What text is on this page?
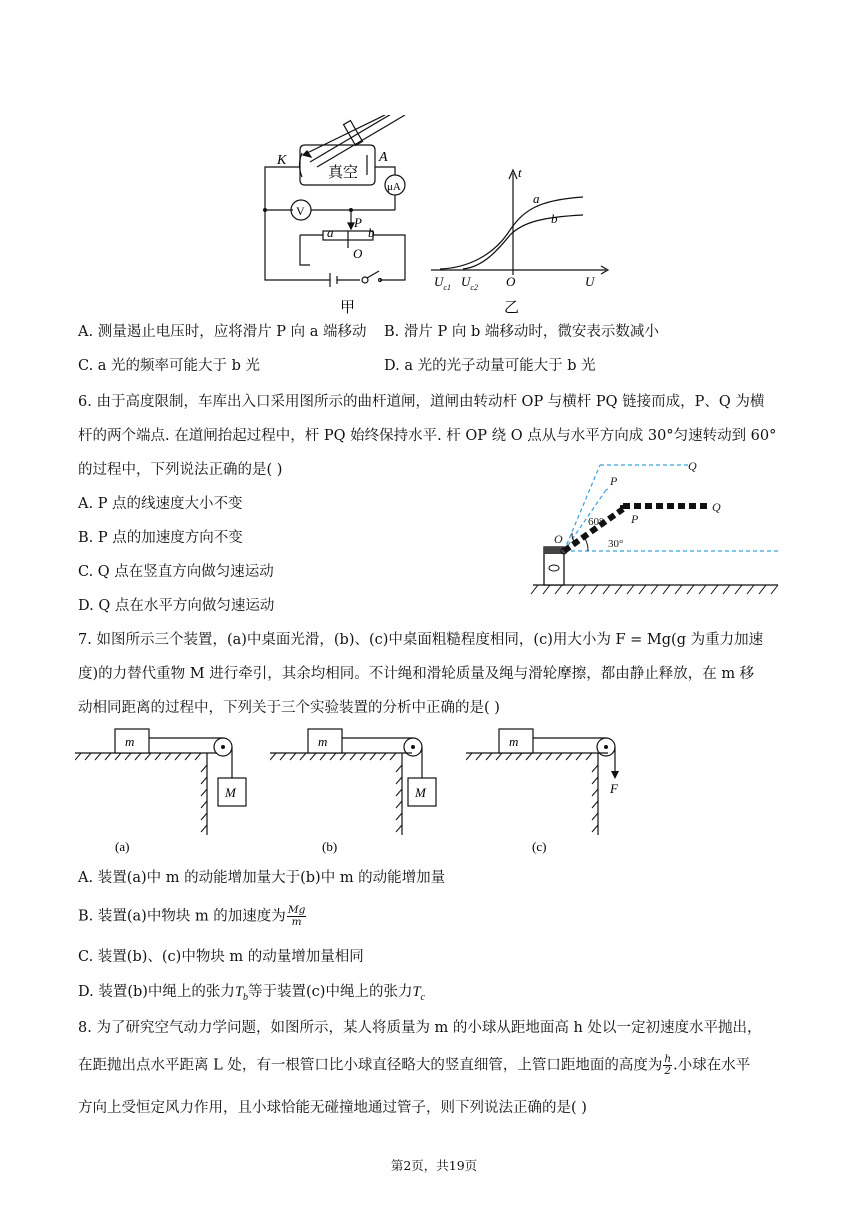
K	A
真空
μA
V
a
P
b
O
甲
t
a
b
O
$U_{c1}$ $U_{c2}$	U
乙
A. 测量遏止电压时，应将滑片 P 向 a 端移动 B. 滑片 P 向 b 端移动时，微安表示数减小
C. a 光的频率可能大于 b 光	D. a 光的光子动量可能大于 b 光
6. 由于高度限制，车库出入口采用图所示的曲杆道闸，道闸由转动杆 OP 与横杆 PQ 链接而成，P、Q 为横
杆的两个端点. 在道闸抬起过程中，杆 PQ 始终保持水平. 杆 OP 绕 O 点从与水平方向成 30°匀速转动到 60°
的过程中，下列说法正确的是( )
A. P 点的线速度大小不变
B. P 点的加速度方向不变
C. Q 点在竖直方向做匀速运动
D. Q 点在水平方向做匀速运动
Q
P
Q
P
O
60°
30°
7. 如图所示三个装置，(a)中桌面光滑，(b)、(c)中桌面粗糙程度相同，(c)用大小为 F = Mg(g 为重力加速
度)的力替代重物 M 进行牵引，其余均相同。不计绳和滑轮质量及绳与滑轮摩擦，都由静止释放，在 m 移
动相同距离的过程中，下列关于三个实验装置的分析中正确的是( )
m
M
(a)
m
M
(b)
m
F
(c)
A. 装置(a)中 m 的动能增加量大于(b)中 m 的动能增加量
B. 装置(a)中物块 m 的加速度为 $\frac{Mg}{m}$
C. 装置(b)、(c)中物块 m 的动量增加量相同
D. 装置(b)中绳上的张力$T_b$等于装置(c)中绳上的张力$T_c$
8. 为了研究空气动力学问题，如图所示，某人将质量为 m 的小球从距地面高 h 处以一定初速度水平抛出，
在距抛出点水平距离 L 处，有一根管口比小球直径略大的竖直细管，上管口距地面的高度为 $\frac{h}{2}$ .小球在水平
方向上受恒定风力作用，且小球恰能无碰撞地通过管子，则下列说法正确的是( )
第2页，共19页
